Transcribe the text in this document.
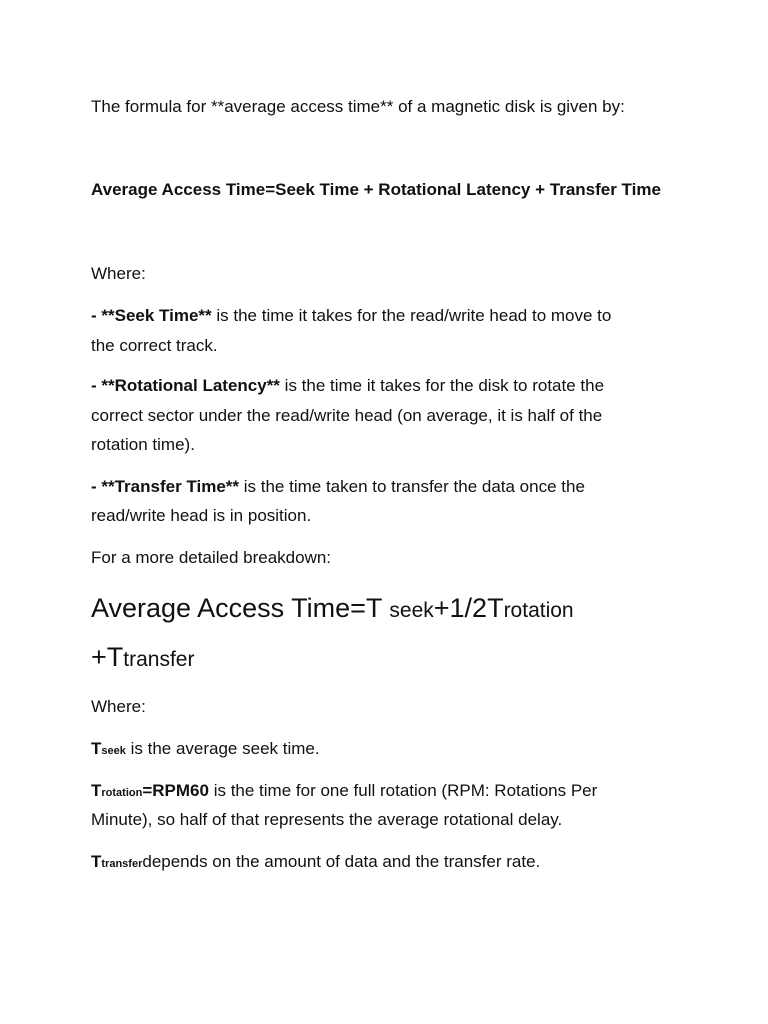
The formula for **average access time** of a magnetic disk is given by:
Average Access Time=Seek Time + Rotational Latency + Transfer Time
Where:
- **Seek Time** is the time it takes for the read/write head to move to
the correct track.
- **Rotational Latency** is the time it takes for the disk to rotate the
correct sector under the read/write head (on average, it is half of the
rotation time).
- **Transfer Time** is the time taken to transfer the data once the
read/write head is in position.
For a more detailed breakdown:
Average Access Time=T seek+1/2Trotation
+Ttransfer
Where:
Tseek is the average seek time.
Trotation=RPM60 is the time for one full rotation (RPM: Rotations Per
Minute), so half of that represents the average rotational delay.
Ttransferdepends on the amount of data and the transfer rate.
